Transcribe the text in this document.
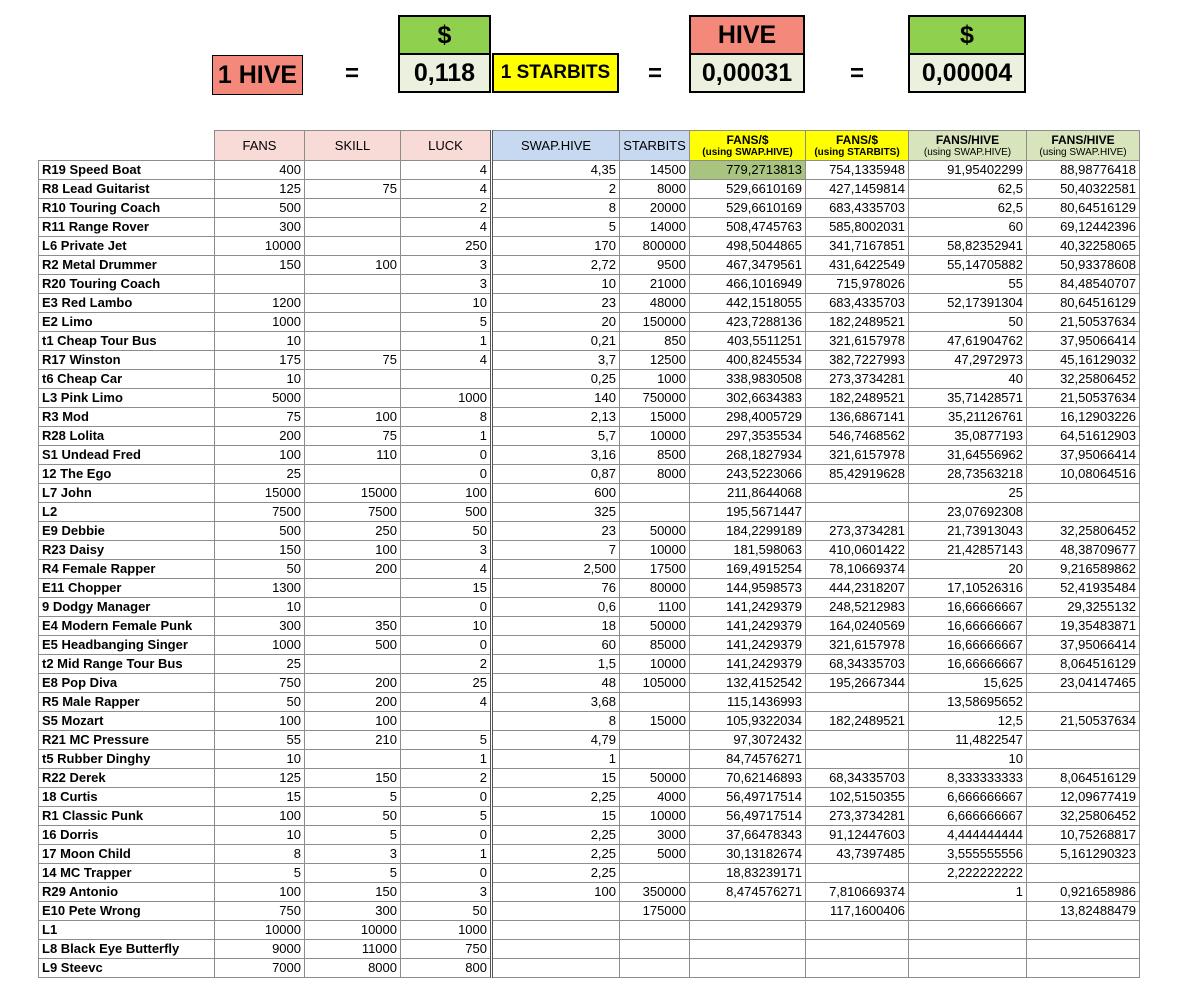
1 HIVE	=
$
0,118 1 STARBITS	=
HIVE
0,00031	=
$
0,00004
	FANS	SKILL	LUCK	SWAP.HIVE	STARBITS	FANS/$
(using SWAP.HIVE)	FANS/$
(using STARBITS)	FANS/HIVE
(using SWAP.HIVE)	FANS/HIVE
(using SWAP.HIVE)

R19 Speed Boat	400		4	4,35	14500	779,2713813	754,1335948	91,95402299	88,98776418
R8 Lead Guitarist	125	75	4	2	8000	529,6610169	427,1459814	62,5	50,40322581
R10 Touring Coach	500		2	8	20000	529,6610169	683,4335703	62,5	80,64516129
R11 Range Rover	300		4	5	14000	508,4745763	585,8002031	60	69,12442396
L6 Private Jet	10000		250	170	800000	498,5044865	341,7167851	58,82352941	40,32258065
R2 Metal Drummer	150	100	3	2,72	9500	467,3479561	431,6422549	55,14705882	50,93378608
R20 Touring Coach			3	10	21000	466,1016949	715,978026	55	84,48540707
E3 Red Lambo	1200		10	23	48000	442,1518055	683,4335703	52,17391304	80,64516129
E2 Limo	1000		5	20	150000	423,7288136	182,2489521	50	21,50537634
t1 Cheap Tour Bus	10		1	0,21	850	403,5511251	321,6157978	47,61904762	37,95066414
R17 Winston	175	75	4	3,7	12500	400,8245534	382,7227993	47,2972973	45,16129032
t6 Cheap Car	10			0,25	1000	338,9830508	273,3734281	40	32,25806452
L3 Pink Limo	5000		1000	140	750000	302,6634383	182,2489521	35,71428571	21,50537634
R3 Mod	75	100	8	2,13	15000	298,4005729	136,6867141	35,21126761	16,12903226
R28 Lolita	200	75	1	5,7	10000	297,3535534	546,7468562	35,0877193	64,51612903
S1 Undead Fred	100	110	0	3,16	8500	268,1827934	321,6157978	31,64556962	37,95066414
12 The Ego	25		0	0,87	8000	243,5223066	85,42919628	28,73563218	10,08064516
L7 John	15000	15000	100	600		211,8644068		25	
L2	7500	7500	500	325		195,5671447		23,07692308	
E9 Debbie	500	250	50	23	50000	184,2299189	273,3734281	21,73913043	32,25806452
R23 Daisy	150	100	3	7	10000	181,598063	410,0601422	21,42857143	48,38709677
R4 Female Rapper	50	200	4	2,500	17500	169,4915254	78,10669374	20	9,216589862
E11 Chopper	1300		15	76	80000	144,9598573	444,2318207	17,10526316	52,41935484
9 Dodgy Manager	10		0	0,6	1100	141,2429379	248,5212983	16,66666667	29,3255132
E4 Modern Female Punk	300	350	10	18	50000	141,2429379	164,0240569	16,66666667	19,35483871
E5 Headbanging Singer	1000	500	0	60	85000	141,2429379	321,6157978	16,66666667	37,95066414
t2 Mid Range Tour Bus	25		2	1,5	10000	141,2429379	68,34335703	16,66666667	8,064516129
E8 Pop Diva	750	200	25	48	105000	132,4152542	195,2667344	15,625	23,04147465
R5 Male Rapper	50	200	4	3,68		115,1436993		13,58695652	
S5 Mozart	100	100		8	15000	105,9322034	182,2489521	12,5	21,50537634
R21 MC Pressure	55	210	5	4,79		97,3072432		11,4822547	
t5 Rubber Dinghy	10		1	1		84,74576271		10	
R22 Derek	125	150	2	15	50000	70,62146893	68,34335703	8,333333333	8,064516129
18 Curtis	15	5	0	2,25	4000	56,49717514	102,5150355	6,666666667	12,09677419
R1 Classic Punk	100	50	5	15	10000	56,49717514	273,3734281	6,666666667	32,25806452
16 Dorris	10	5	0	2,25	3000	37,66478343	91,12447603	4,444444444	10,75268817
17 Moon Child	8	3	1	2,25	5000	30,13182674	43,7397485	3,555555556	5,161290323
14 MC Trapper	5	5	0	2,25		18,83239171		2,222222222	
R29 Antonio	100	150	3	100	350000	8,474576271	7,810669374	1	0,921658986
E10 Pete Wrong	750	300	50		175000		117,1600406		13,82488479
L1	10000	10000	1000						
L8 Black Eye Butterfly	9000	11000	750						
L9 Steevc	7000	8000	800						
